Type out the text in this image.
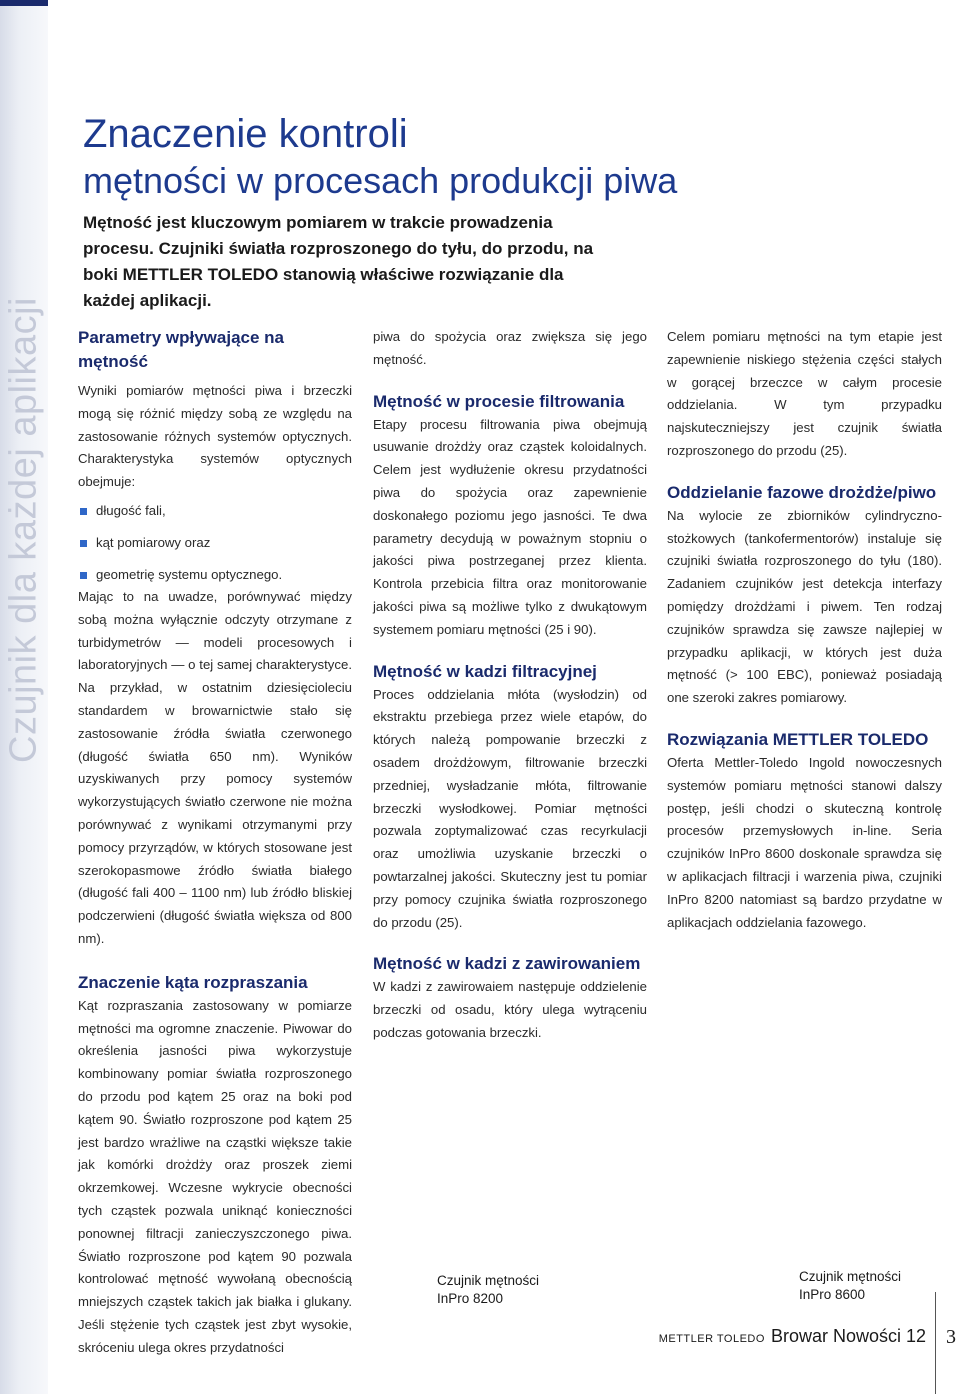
Czujnik dla każdej aplikacji
Znaczenie kontroli
mętności w procesach produkcji piwa
Mętność jest kluczowym pomiarem w trakcie prowadzenia procesu. Czujniki światła rozproszonego do tyłu, do przodu, na boki METTLER TOLEDO stanowią właściwe rozwiązanie dla każdej aplikacji.
Parametry wpływające na mętność

Wyniki pomiarów mętności piwa i brzeczki mogą się różnić między sobą ze względu na zastosowanie różnych systemów optycznych. Charakterystyka systemów optycznych obejmuje:

długość fali,
kąt pomiarowy oraz
geometrię systemu optycznego.

Mając to na uwadze, porównywać między sobą można wyłącznie odczyty otrzymane z turbidymetrów — modeli procesowych i laboratoryjnych — o tej samej charakterystyce. Na przykład, w ostatnim dziesięcioleciu standardem w browarnictwie stało się zastosowanie źródła światła czerwonego (długość światła 650 nm). Wyników uzyskiwanych przy pomocy systemów wykorzystujących światło czerwone nie można porównywać z wynikami otrzymanymi przy pomocy przyrządów, w których stosowane jest szerokopasmowe źródło światła białego (długość fali 400 – 1100 nm) lub źródło bliskiej podczerwieni (długość światła większa od 800 nm).

Znaczenie kąta rozpraszania

Kąt rozpraszania zastosowany w pomiarze mętności ma ogromne znaczenie. Piwowar do określenia jasności piwa wykorzystuje kombinowany pomiar światła rozproszonego do przodu pod kątem 25 oraz na boki pod kątem 90. Światło rozproszone pod kątem 25 jest bardzo wrażliwe na cząstki większe takie jak komórki drożdży oraz proszek ziemi okrzemkowej. Wczesne wykrycie obecności tych cząstek pozwala uniknąć konieczności ponownej filtracji zanieczyszczonego piwa. Światło rozproszone pod kątem 90 pozwala kontrolować mętność wywołaną obecnością mniejszych cząstek takich jak białka i glukany. Jeśli stężenie tych cząstek jest zbyt wysokie, skróceniu ulega okres przydatności

piwa do spożycia oraz zwiększa się jego mętność.

Mętność w procesie filtrowania

Etapy procesu filtrowania piwa obejmują usuwanie drożdży oraz cząstek koloidalnych. Celem jest wydłużenie okresu przydatności piwa do spożycia oraz zapewnienie doskonałego poziomu jego jasności. Te dwa parametry decydują w poważnym stopniu o jakości piwa postrzeganej przez klienta. Kontrola przebicia filtra oraz monitorowanie jakości piwa są możliwe tylko z dwukątowym systemem pomiaru mętności (25 i 90).

Mętność w kadzi filtracyjnej

Proces oddzielania młóta (wysłodzin) od ekstraktu przebiega przez wiele etapów, do których należą pompowanie brzeczki z osadem drożdżowym, filtrowanie brzeczki przedniej, wysładzanie młóta, filtrowanie brzeczki wysłodkowej. Pomiar mętności pozwala zoptymalizować czas recyrkulacji oraz umożliwia uzyskanie brzeczki o powtarzalnej jakości. Skuteczny jest tu pomiar przy pomocy czujnika światła rozproszonego do przodu (25).

Mętność w kadzi z zawirowaniem

W kadzi z zawirowaiem następuje oddzielenie brzeczki od osadu, który ulega wytrąceniu podczas gotowania brzeczki.

Celem pomiaru mętności na tym etapie jest zapewnienie niskiego stężenia części stałych w gorącej brzeczce w całym procesie oddzielania. W tym przypadku najskuteczniejszy jest czujnik światła rozproszonego do przodu (25).

Oddzielanie fazowe drożdże/piwo

Na wylocie ze zbiorników cylindryczno-stożkowych (tankofermentorów) instaluje się czujniki światła rozproszonego do tyłu (180). Zadaniem czujników jest detekcja interfazy pomiędzy drożdżami i piwem. Ten rodzaj czujników sprawdza się zawsze najlepiej w przypadku aplikacji, w których jest duża mętność (> 100 EBC), ponieważ posiadają one szeroki zakres pomiarowy.

Rozwiązania METTLER TOLEDO

Oferta Mettler-Toledo Ingold nowoczesnych systemów pomiaru mętności stanowi dalszy postęp, jeśli chodzi o skuteczną kontrolę procesów przemysłowych in-line. Seria czujników InPro 8600 doskonale sprawdza się w aplikacjach filtracji i warzenia piwa, czujniki InPro 8200 natomiast są bardzo przydatne w aplikacjach oddzielania fazowego.

Czujnik mętności
InPro 8200
Czujnik mętności
InPro 8600
METTLER TOLEDO Browar Nowości 12 3
